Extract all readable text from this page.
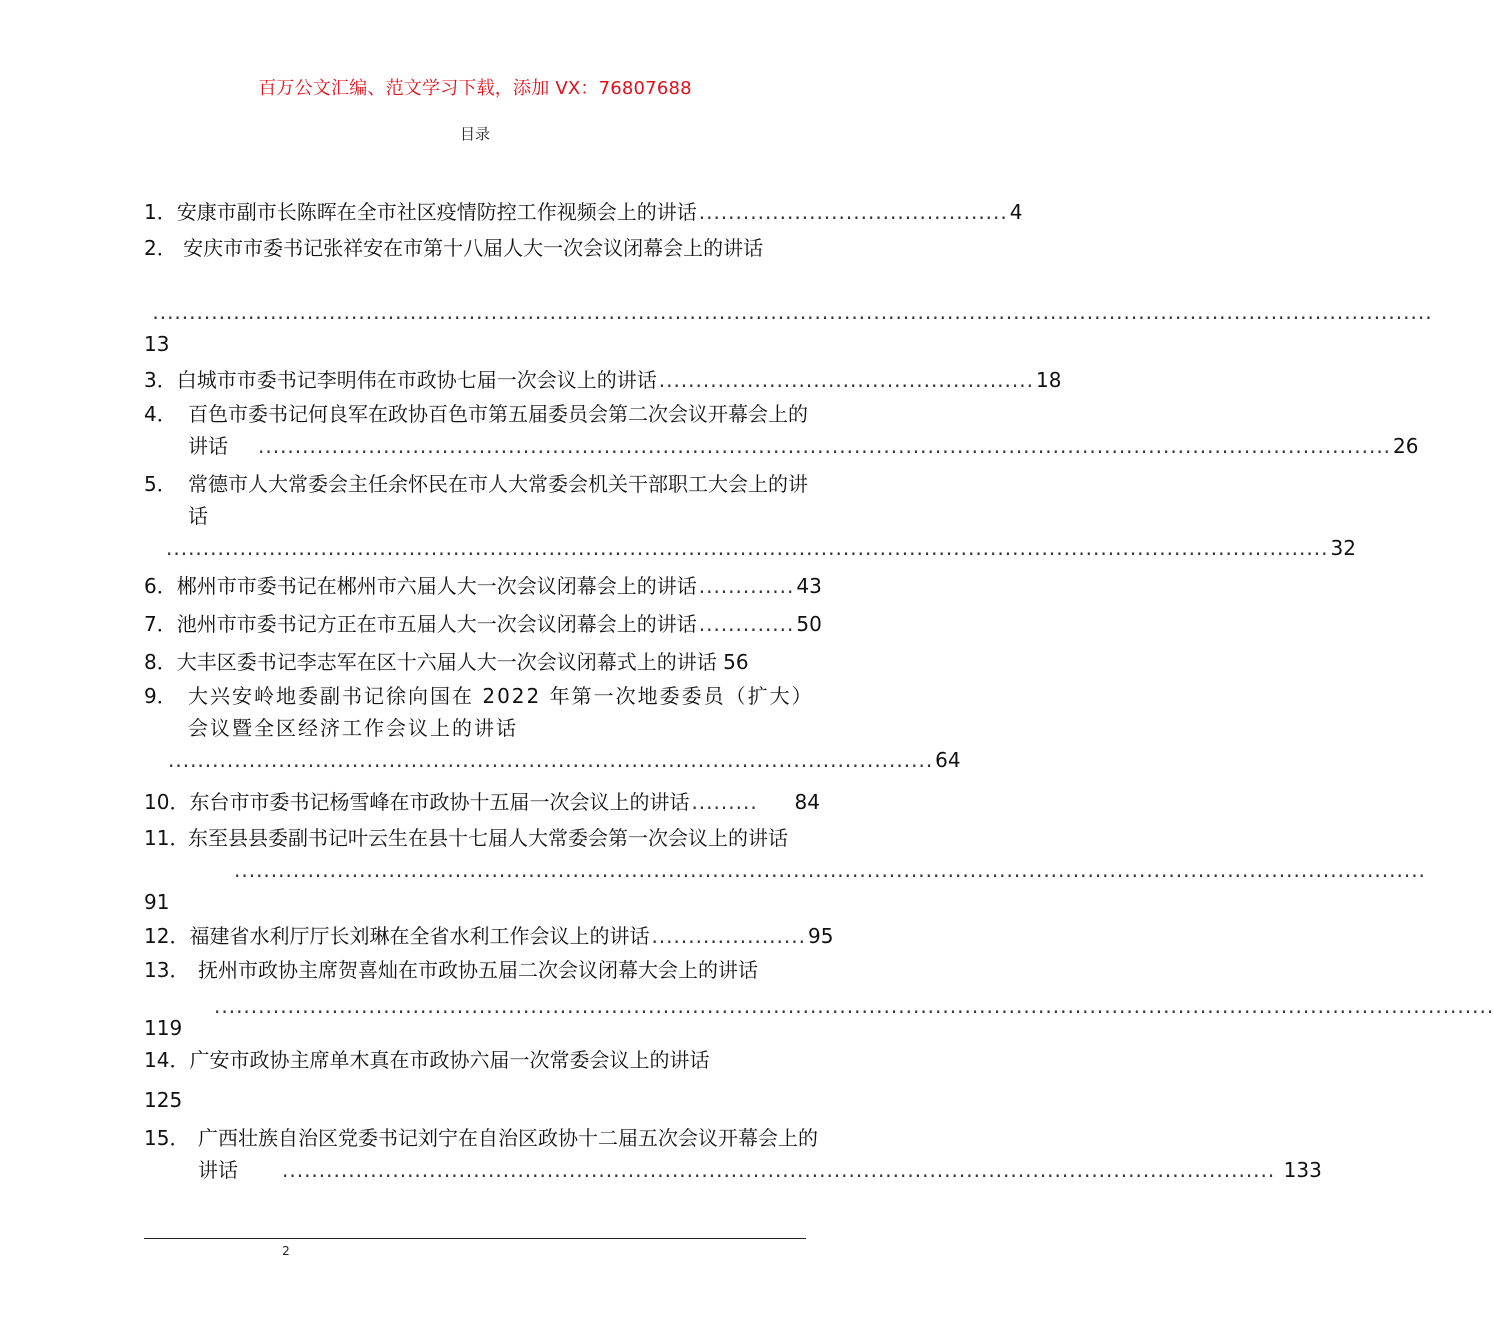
百万公文汇编、范文学习下载，添加 VX：76807688
目录
1． 安康市副市长陈晖在全市社区疫情防控工作视频会上的讲话 .......................................... 4
2．
安庆市市委书记张祥安在市第十八届人大一次会议闭幕会上的讲话

..............................................................................................................................................................................
13
3． 白城市市委书记李明伟在市政协七届一次会议上的讲话 ................................................... 18
4． 百色市委书记何良军在政协百色市第五届委员会第二次会议开幕会上的讲话	.......................................................................................................................................................... 26
5． 常德市人大常委会主任余怀民在市人大常委会机关干部职工大会上的讲话
.............................................................................................................................................................. 32
6． 郴州市市委书记在郴州市六届人大一次会议闭幕会上的讲话 ............. 43
7． 池州市市委书记方正在市五届人大一次会议闭幕会上的讲话 ............. 50
8． 大丰区委书记李志军在区十六届人大一次会议闭幕式上的讲话
56
9． 大兴安岭地委副书记徐向国在 2022 年第一次地委委员（扩大）会议暨全区经济工作会议上的讲话
........................................................................................................ 64
10． 东台市市委书记杨雪峰在市政协十五届一次会议上的讲话 .........	84
11．
东至县县委副书记叶云生在县十七届人大常委会第一次会议上的讲话
..................................................................................................................................................................
91
12． 福建省水利厅厅长刘琳在全省水利工作会议上的讲话 ..................... 95
13． 抚州市政协主席贺喜灿在市政协五届二次会议闭幕大会上的讲话
..............................................................................................................................................................................
119
14． 广安市政协主席单木真在市政协六届一次常委会议上的讲话
125
15． 广西壮族自治区党委书记刘宁在自治区政协十二届五次会议开幕会上的讲话	.......................................................................................................................................
133
2
